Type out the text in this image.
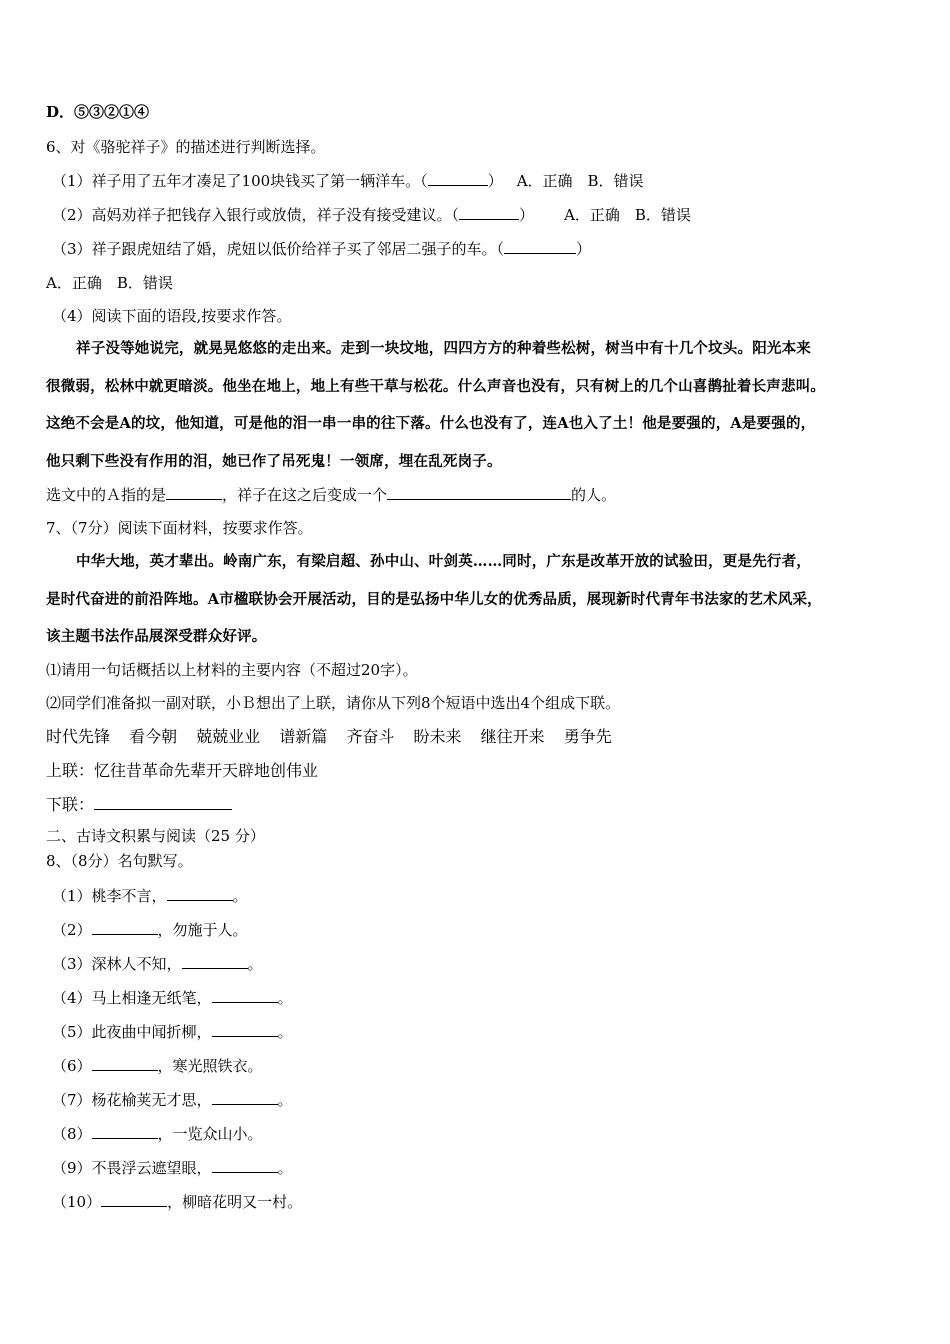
D．⑤③②①④
6、对《骆驼祥子》的描述进行判断选择。
（1）祥子用了五年才凑足了100块钱买了第一辆洋车。（	） A．正确　B．错误
（2）高妈劝祥子把钱存入银行或放债，祥子没有接受建议。（	） A．正确　B．错误
（3）祥子跟虎妞结了婚，虎妞以低价给祥子买了邻居二强子的车。（	）
A．正确　B．错误
（4）阅读下面的语段,按要求作答。
祥子没等她说完，就晃晃悠悠的走出来。走到一块坟地，四四方方的种着些松树，树当中有十几个坟头。阳光本来
很微弱，松林中就更暗淡。他坐在地上，地上有些干草与松花。什么声音也没有，只有树上的几个山喜鹊扯着长声悲叫。
这绝不会是A的坟，他知道，可是他的泪一串一串的往下落。什么也没有了，连A也入了土！他是要强的，A是要强的，
他只剩下些没有作用的泪，她已作了吊死鬼！一领席，埋在乱死岗子。
选文中的Ａ指的是	，祥子在这之后变成一个	的人。
7、（7分）阅读下面材料，按要求作答。
中华大地，英才辈出。岭南广东，有梁启超、孙中山、叶剑英……同时，广东是改革开放的试验田，更是先行者，
是时代奋进的前沿阵地。A市楹联协会开展活动，目的是弘扬中华儿女的优秀品质，展现新时代青年书法家的艺术风采，
该主题书法作品展深受群众好评。
⑴请用一句话概括以上材料的主要内容（不超过20字）。
⑵同学们准备拟一副对联，小Ｂ想出了上联，请你从下列8个短语中选出4个组成下联。
时代先锋 看今朝 兢兢业业 谱新篇 齐奋斗 盼未来 继往开来 勇争先
上联：忆往昔革命先辈开天辟地创伟业
下联：
二、古诗文积累与阅读（25 分）
8、（8分）名句默写。
（1）桃李不言，	。
（2）	，勿施于人。
（3）深林人不知，	。
（4）马上相逢无纸笔，	。
（5）此夜曲中闻折柳，	。
（6）	，寒光照铁衣。
（7）杨花榆荚无才思，	。
（8）	，一览众山小。
（9）不畏浮云遮望眼，	。
（10）	，柳暗花明又一村。
